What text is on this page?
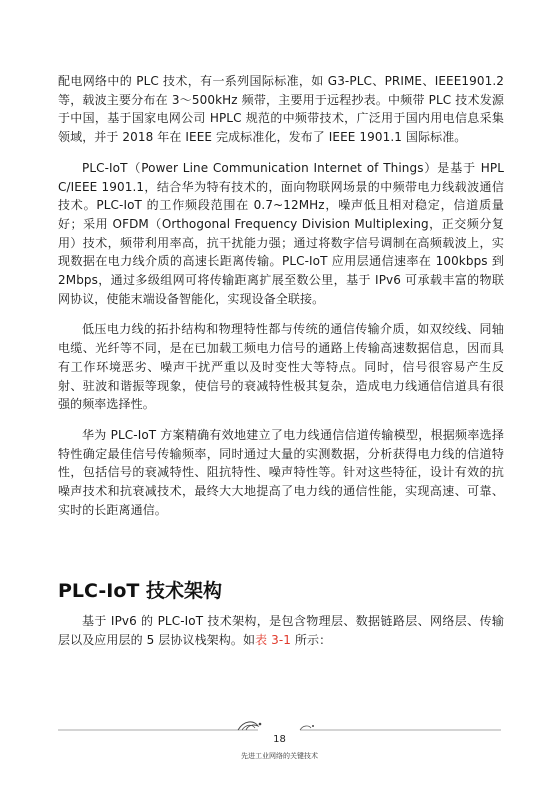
配电网络中的 PLC 技术，有一系列国际标准，如 G3-PLC、PRIME、IEEE1901.2 等，载波主要分布在 3～500kHz 频带，主要用于远程抄表。中频带 PLC 技术发源于中国，基于国家电网公司 HPLC 规范的中频带技术，广泛用于国内用电信息采集领域，并于 2018 年在 IEEE 完成标准化，发布了 IEEE 1901.1 国际标准。

PLC-IoT（Power Line Communication Internet of Things）是基于 HPLC/IEEE 1901.1，结合华为特有技术的，面向物联网场景的中频带电力线载波通信技术。PLC-IoT 的工作频段范围在 0.7~12MHz，噪声低且相对稳定，信道质量好；采用 OFDM（Orthogonal Frequency Division Multiplexing，正交频分复用）技术，频带利用率高，抗干扰能力强；通过将数字信号调制在高频载波上，实现数据在电力线介质的高速长距离传输。PLC-IoT 应用层通信速率在 100kbps 到 2Mbps，通过多级组网可将传输距离扩展至数公里，基于 IPv6 可承载丰富的物联网协议，使能末端设备智能化，实现设备全联接。

低压电力线的拓扑结构和物理特性都与传统的通信传输介质，如双绞线、同轴电缆、光纤等不同，是在已加载工频电力信号的通路上传输高速数据信息，因而具有工作环境恶劣、噪声干扰严重以及时变性大等特点。同时，信号很容易产生反射、驻波和谐振等现象，使信号的衰减特性极其复杂，造成电力线通信信道具有很强的频率选择性。

华为 PLC-IoT 方案精确有效地建立了电力线通信信道传输模型，根据频率选择特性确定最佳信号传输频率，同时通过大量的实测数据，分析获得电力线的信道特性，包括信号的衰减特性、阻抗特性、噪声特性等。针对这些特征，设计有效的抗噪声技术和抗衰减技术，最终大大地提高了电力线的通信性能，实现高速、可靠、实时的长距离通信。

PLC-IoT 技术架构

基于 IPv6 的 PLC-IoT 技术架构，是包含物理层、数据链路层、网络层、传输层以及应用层的 5 层协议栈架构。如表 3-1 所示：

18
先进工业网络的关键技术
